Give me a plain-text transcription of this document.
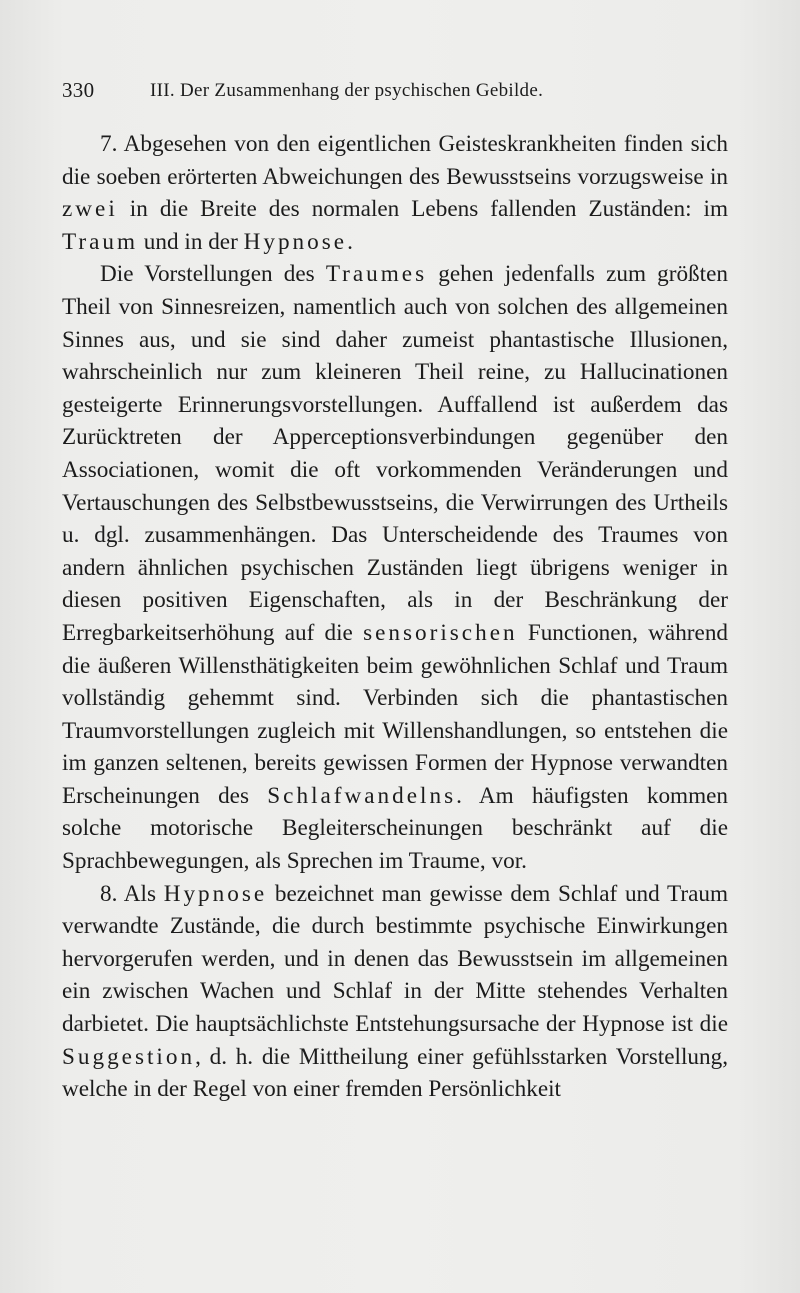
330	III. Der Zusammenhang der psychischen Gebilde.

7. Abgesehen von den eigentlichen Geisteskrankheiten finden sich die soeben erörterten Abweichungen des Bewusstseins vorzugsweise in zwei in die Breite des normalen Lebens fallenden Zuständen: im Traum und in der Hypnose.

Die Vorstellungen des Traumes gehen jedenfalls zum größten Theil von Sinnesreizen, namentlich auch von solchen des allgemeinen Sinnes aus, und sie sind daher zumeist phantastische Illusionen, wahrscheinlich nur zum kleineren Theil reine, zu Hallucinationen gesteigerte Erinnerungsvorstellungen. Auffallend ist außerdem das Zurücktreten der Apperceptionsverbindungen gegenüber den Associationen, womit die oft vorkommenden Veränderungen und Vertauschungen des Selbstbewusstseins, die Verwirrungen des Urtheils u. dgl. zusammenhängen. Das Unterscheidende des Traumes von andern ähnlichen psychischen Zuständen liegt übrigens weniger in diesen positiven Eigenschaften, als in der Beschränkung der Erregbarkeitserhöhung auf die sensorischen Functionen, während die äußeren Willensthätigkeiten beim gewöhnlichen Schlaf und Traum vollständig gehemmt sind. Verbinden sich die phantastischen Traumvorstellungen zugleich mit Willenshandlungen, so entstehen die im ganzen seltenen, bereits gewissen Formen der Hypnose verwandten Erscheinungen des Schlafwandelns. Am häufigsten kommen solche motorische Begleiterscheinungen beschränkt auf die Sprachbewegungen, als Sprechen im Traume, vor.

8. Als Hypnose bezeichnet man gewisse dem Schlaf und Traum verwandte Zustände, die durch bestimmte psychische Einwirkungen hervorgerufen werden, und in denen das Bewusstsein im allgemeinen ein zwischen Wachen und Schlaf in der Mitte stehendes Verhalten darbietet. Die hauptsächlichste Entstehungsursache der Hypnose ist die Suggestion, d. h. die Mittheilung einer gefühlsstarken Vorstellung, welche in der Regel von einer fremden Persönlichkeit
